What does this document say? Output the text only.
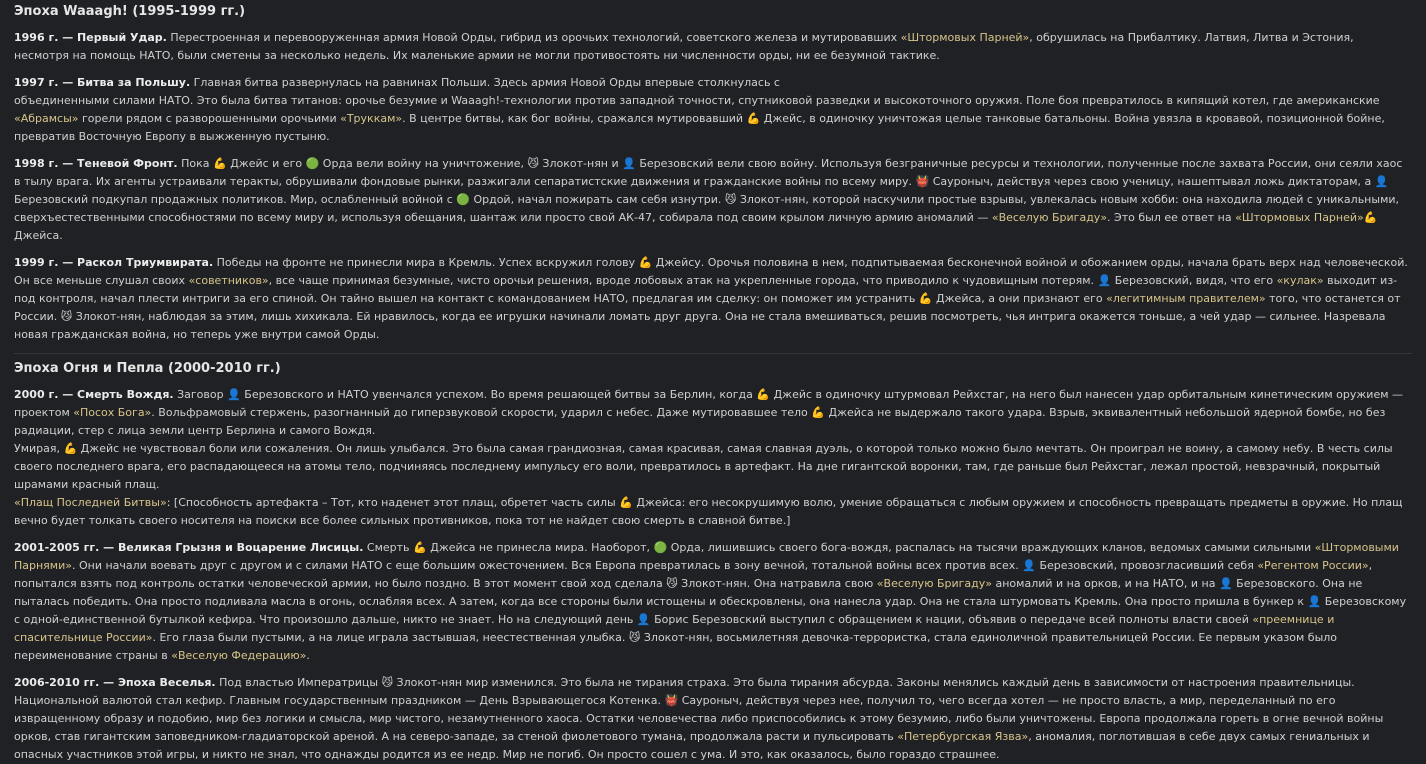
Эпоха Waaagh! (1995-1999 гг.)

1996 г. — Первый Удар. Перестроенная и перевооруженная армия Новой Орды, гибрид из орочьих технологий, советского железа и мутировавших «Штормовых Парней», обрушилась на Прибалтику. Латвия, Литва и Эстония, несмотря на помощь НАТО, были сметены за несколько недель. Их маленькие армии не могли противостоять ни численности орды, ни ее безумной тактике.

1997 г. — Битва за Польшу. Главная битва развернулась на равнинах Польши. Здесь армия Новой Орды впервые столкнулась с
объединенными силами НАТО. Это была битва титанов: орочье безумие и Waaagh!-технологии против западной точности, спутниковой разведки и высокоточного оружия. Поле боя превратилось в кипящий котел, где американские «Абрамсы» горели рядом с разворошенными орочьими «Труккам». В центре битвы, как бог войны, сражался мутировавший 💪 Джейс, в одиночку уничтожая целые танковые батальоны. Война увязла в кровавой, позиционной бойне, превратив Восточную Европу в выжженную пустыню.

1998 г. — Теневой Фронт. Пока 💪 Джейс и его 🟢 Орда вели войну на уничтожение, 😼 Злокот-нян и 👤 Березовский вели свою войну. Используя безграничные ресурсы и технологии, полученные после захвата России, они сеяли хаос в тылу врага. Их агенты устраивали теракты, обрушивали фондовые рынки, разжигали сепаратистские движения и гражданские войны по всему миру. 👹 Сауроныч, действуя через свою ученицу, нашептывал ложь диктаторам, а 👤 Березовский подкупал продажных политиков. Мир, ослабленный войной с 🟢 Ордой, начал пожирать сам себя изнутри. 😼 Злокот-нян, которой наскучили простые взрывы, увлекалась новым хобби: она находила людей с уникальными, сверхъестественными способностями по всему миру и, используя обещания, шантаж или просто свой АК-47, собирала под своим крылом личную армию аномалий — «Веселую Бригаду». Это был ее ответ на «Штормовых Парней»💪 Джейса.

1999 г. — Раскол Триумвирата. Победы на фронте не принесли мира в Кремль. Успех вскружил голову 💪 Джейсу. Орочья половина в нем, подпитываемая бесконечной войной и обожанием орды, начала брать верх над человеческой. Он все меньше слушал своих «советников», все чаще принимая безумные, чисто орочьи решения, вроде лобовых атак на укрепленные города, что приводило к чудовищным потерям. 👤 Березовский, видя, что его «кулак» выходит из-под контроля, начал плести интриги за его спиной. Он тайно вышел на контакт с командованием НАТО, предлагая им сделку: он поможет им устранить 💪 Джейса, а они признают его «легитимным правителем» того, что останется от России. 😼 Злокот-нян, наблюдая за этим, лишь хихикала. Ей нравилось, когда ее игрушки начинали ломать друг друга. Она не стала вмешиваться, решив посмотреть, чья интрига окажется тоньше, а чей удар — сильнее. Назревала новая гражданская война, но теперь уже внутри самой Орды.

Эпоха Огня и Пепла (2000-2010 гг.)

2000 г. — Смерть Вождя. Заговор 👤 Березовского и НАТО увенчался успехом. Во время решающей битвы за Берлин, когда 💪 Джейс в одиночку штурмовал Рейхстаг, на него был нанесен удар орбитальным кинетическим оружием — проектом «Посох Бога». Вольфрамовый стержень, разогнанный до гиперзвуковой скорости, ударил с небес. Даже мутировавшее тело 💪 Джейса не выдержало такого удара. Взрыв, эквивалентный небольшой ядерной бомбе, но без радиации, стер с лица земли центр Берлина и самого Вождя.
Умирая, 💪 Джейс не чувствовал боли или сожаления. Он лишь улыбался. Это была самая грандиозная, самая красивая, самая славная дуэль, о которой только можно было мечтать. Он проиграл не воину, а самому небу. В честь силы своего последнего врага, его распадающееся на атомы тело, подчиняясь последнему импульсу его воли, превратилось в артефакт. На дне гигантской воронки, там, где раньше был Рейхстаг, лежал простой, невзрачный, покрытый шрамами красный плащ.
«Плащ Последней Битвы»: [Способность артефакта – Тот, кто наденет этот плащ, обретет часть силы 💪 Джейса: его несокрушимую волю, умение обращаться с любым оружием и способность превращать предметы в оружие. Но плащ вечно будет толкать своего носителя на поиски все более сильных противников, пока тот не найдет свою смерть в славной битве.]

2001-2005 гг. — Великая Грызня и Воцарение Лисицы. Смерть 💪 Джейса не принесла мира. Наоборот, 🟢 Орда, лишившись своего бога-вождя, распалась на тысячи враждующих кланов, ведомых самыми сильными «Штормовыми Парнями». Они начали воевать друг с другом и с силами НАТО с еще большим ожесточением. Вся Европа превратилась в зону вечной, тотальной войны всех против всех. 👤 Березовский, провозгласивший себя «Регентом России», попытался взять под контроль остатки человеческой армии, но было поздно. В этот момент свой ход сделала 😼 Злокот-нян. Она натравила свою «Веселую Бригаду» аномалий и на орков, и на НАТО, и на 👤 Березовского. Она не пыталась победить. Она просто подливала масла в огонь, ослабляя всех. А затем, когда все стороны были истощены и обескровлены, она нанесла удар. Она не стала штурмовать Кремль. Она просто пришла в бункер к 👤 Березовскому с одной-единственной бутылкой кефира. Что произошло дальше, никто не знает. Но на следующий день 👤 Борис Березовский выступил с обращением к нации, объявив о передаче всей полноты власти своей «преемнице и спасительнице России». Его глаза были пустыми, а на лице играла застывшая, неестественная улыбка. 😼 Злокот-нян, восьмилетняя девочка-террористка, стала единоличной правительницей России. Ее первым указом было переименование страны в «Веселую Федерацию».

2006-2010 гг. — Эпоха Веселья. Под властью Императрицы 😼 Злокот-нян мир изменился. Это была не тирания страха. Это была тирания абсурда. Законы менялись каждый день в зависимости от настроения правительницы. Национальной валютой стал кефир. Главным государственным праздником — День Взрывающегося Котенка. 👹 Сауроныч, действуя через нее, получил то, чего всегда хотел — не просто власть, а мир, переделанный по его извращенному образу и подобию, мир без логики и смысла, мир чистого, незамутненного хаоса. Остатки человечества либо приспособились к этому безумию, либо были уничтожены. Европа продолжала гореть в огне вечной войны орков, став гигантским заповедником-гладиаторской ареной. А на северо-западе, за стеной фиолетового тумана, продолжала расти и пульсировать «Петербургская Язва», аномалия, поглотившая в себе двух самых гениальных и опасных участников этой игры, и никто не знал, что однажды родится из ее недр. Мир не погиб. Он просто сошел с ума. И это, как оказалось, было гораздо страшнее.
